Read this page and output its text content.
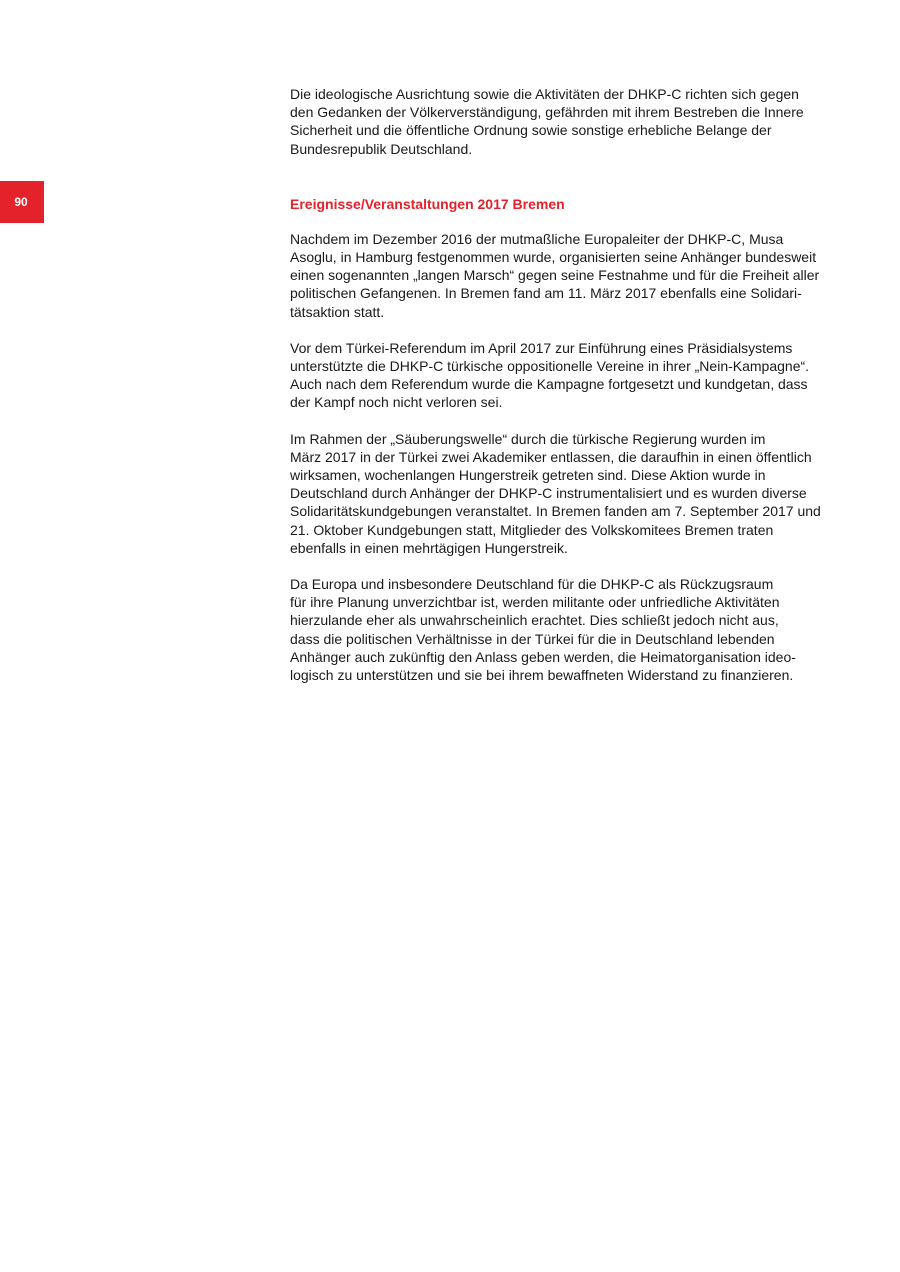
90

Die ideologische Ausrichtung sowie die Aktivitäten der DHKP-C richten sich gegen
den Gedanken der Völkerverständigung, gefährden mit ihrem Bestreben die Innere
Sicherheit und die öffentliche Ordnung sowie sonstige erhebliche Belange der
Bundesrepublik Deutschland.

Ereignisse/Veranstaltungen 2017 Bremen

Nachdem im Dezember 2016 der mutmaßliche Europaleiter der DHKP-C, Musa
Asoglu, in Hamburg festgenommen wurde, organisierten seine Anhänger bundesweit
einen sogenannten „langen Marsch“ gegen seine Festnahme und für die Freiheit aller
politischen Gefangenen. In Bremen fand am 11. März 2017 ebenfalls eine Solidari-
tätsaktion statt.

Vor dem Türkei-Referendum im April 2017 zur Einführung eines Präsidialsystems
unterstützte die DHKP-C türkische oppositionelle Vereine in ihrer „Nein-Kampagne“.
Auch nach dem Referendum wurde die Kampagne fortgesetzt und kundgetan, dass
der Kampf noch nicht verloren sei.

Im Rahmen der „Säuberungswelle“ durch die türkische Regierung wurden im
März 2017 in der Türkei zwei Akademiker entlassen, die daraufhin in einen öffentlich
wirksamen, wochenlangen Hungerstreik getreten sind. Diese Aktion wurde in
Deutschland durch Anhänger der DHKP-C instrumentalisiert und es wurden diverse
Solidaritätskundgebungen veranstaltet. In Bremen fanden am 7. September 2017 und
21. Oktober Kundgebungen statt, Mitglieder des Volkskomitees Bremen traten
ebenfalls in einen mehrtägigen Hungerstreik.

Da Europa und insbesondere Deutschland für die DHKP-C als Rückzugsraum
für ihre Planung unverzichtbar ist, werden militante oder unfriedliche Aktivitäten
hierzulande eher als unwahrscheinlich erachtet. Dies schließt jedoch nicht aus,
dass die politischen Verhältnisse in der Türkei für die in Deutschland lebenden
Anhänger auch zukünftig den Anlass geben werden, die Heimatorganisation ideo-
logisch zu unterstützen und sie bei ihrem bewaffneten Widerstand zu finanzieren.
